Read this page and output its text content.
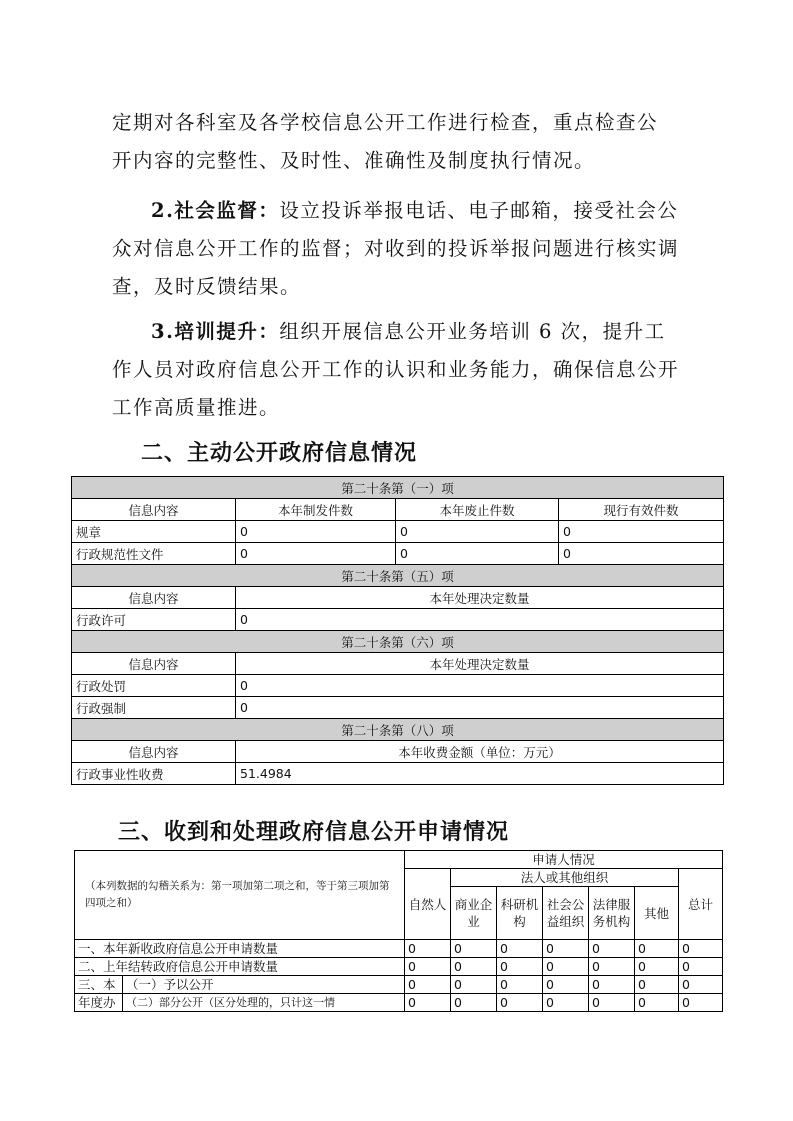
定期对各科室及各学校信息公开工作进行检查，重点检查公
开内容的完整性、及时性、准确性及制度执行情况。

2.社会监督：设立投诉举报电话、电子邮箱，接受社会公众对信息公开工作的监督；对收到的投诉举报问题进行核实调查，及时反馈结果。

3.培训提升：组织开展信息公开业务培训 6 次，提升工作人员对政府信息公开工作的认识和业务能力，确保信息公开工作高质量推进。

二、主动公开政府信息情况
第二十条第（一）项			
信息内容	本年制发件数	本年废止件数	现行有效件数
规章	0	0	0
行政规范性文件	0	0	0
第二十条第（五）项			
信息内容	本年处理决定数量		
行政许可	0		
第二十条第（六）项			
信息内容	本年处理决定数量		
行政处罚	0		
行政强制	0		
第二十条第（八）项			
信息内容	本年收费金额（单位：万元）		
行政事业性收费	51.4984		
三、收到和处理政府信息公开申请情况
（本列数据的勾稽关系为：第一项加第二项之和，等于第三项加第四项之和）		申请人情况						
		自然人	法人或其他组织					总计
			商业企业	科研机构	社会公益组织	法律服务机构	其他	
一、本年新收政府信息公开申请数量		0	0	0	0	0	0	0
二、上年结转政府信息公开申请数量		0	0	0	0	0	0	0
三、本	（一）予以公开	0	0	0	0	0	0	0
年度办	（二）部分公开（区分处理的，只计这一情	0	0	0	0	0	0	0
